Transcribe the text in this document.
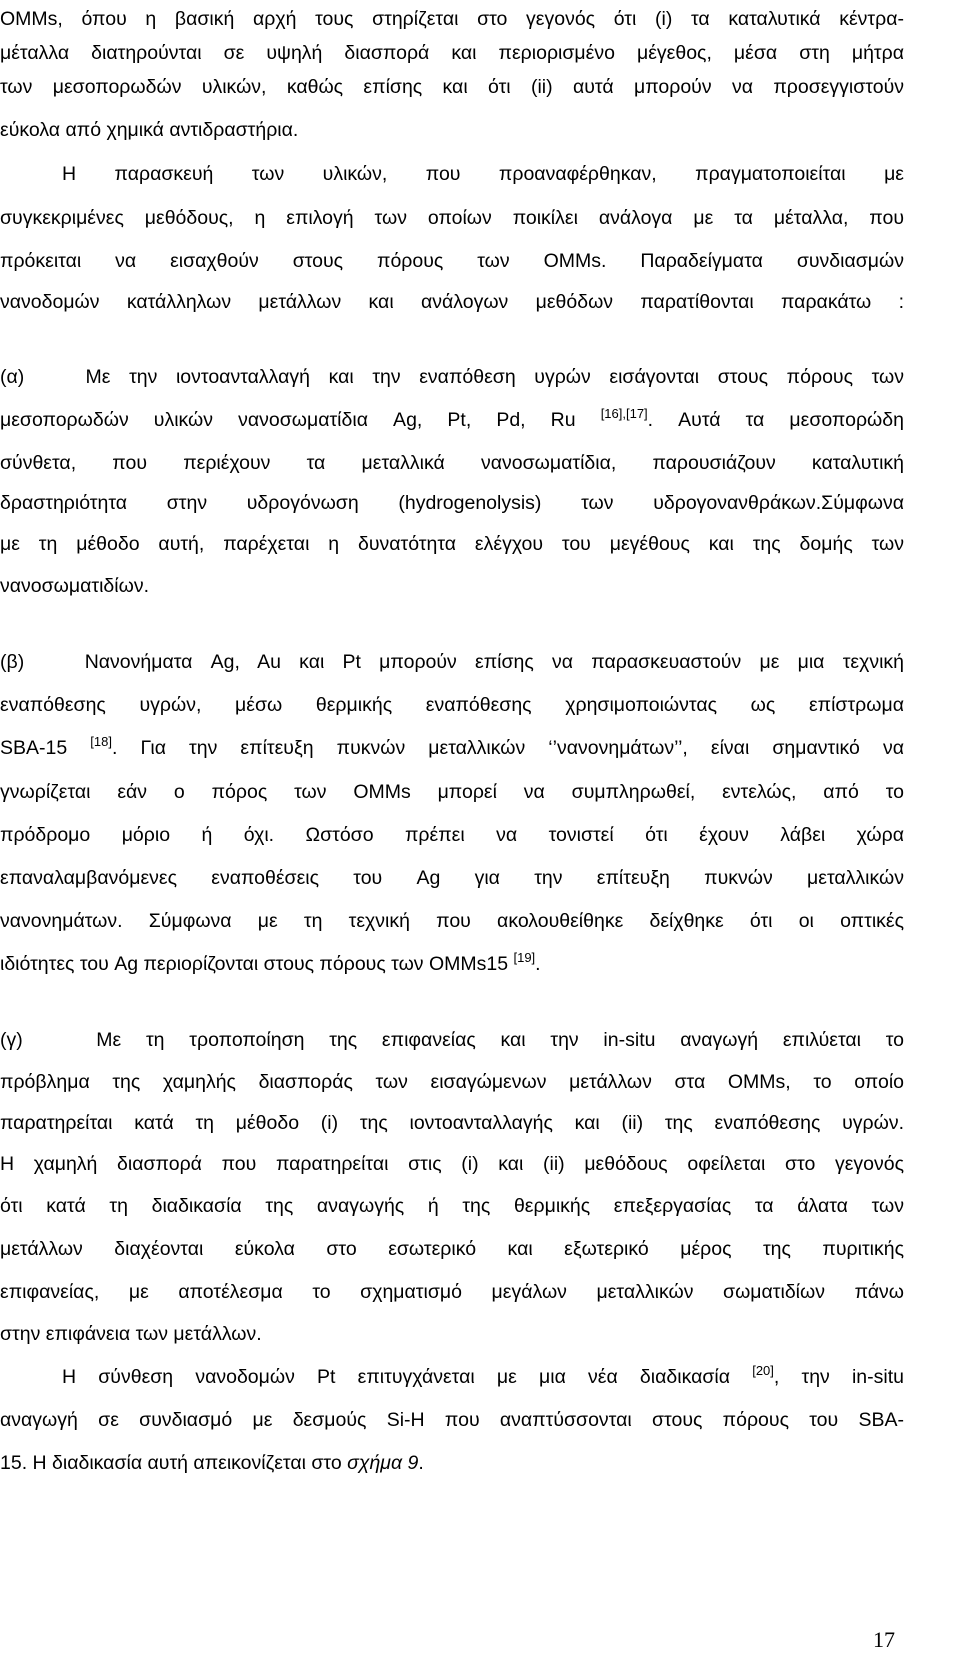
OMMs, όπου η βασική αρχή τους στηρίζεται στο γεγονός ότι (i) τα καταλυτικά κέντρα-
μέταλλα διατηρούνται σε υψηλή διασπορά και περιορισμένο μέγεθος, μέσα στη μήτρα
των μεσοπορωδών υλικών, καθώς επίσης και ότι (ii) αυτά μπορούν να προσεγγιστούν
εύκολα από χημικά αντιδραστήρια.
Η παρασκευή των υλικών, που προαναφέρθηκαν, πραγματοποιείται με
συγκεκριμένες μεθόδους, η επιλογή των οποίων ποικίλει ανάλογα με τα μέταλλα, που
πρόκειται να εισαχθούν στους πόρους των OMMs. Παραδείγματα συνδιασμών
νανοδομών κατάλληλων μετάλλων και ανάλογων μεθόδων παρατίθονται παρακάτω :
(α)	Με την ιοντοανταλλαγή και την εναπόθεση υγρών εισάγονται στους πόρους των
μεσοπορωδών υλικών νανοσωματίδια Ag, Pt, Pd, Ru [16],[17]. Αυτά τα μεσοπορώδη
σύνθετα, που περιέχουν τα μεταλλικά νανοσωματίδια, παρουσιάζουν καταλυτική
δραστηριότητα στην υδρογόνωση (hydrogenolysis) των υδρογονανθράκων.Σύμφωνα
με τη μέθοδο αυτή, παρέχεται η δυνατότητα ελέγχου του μεγέθους και της δομής των
νανοσωματιδίων.
(β)	Νανονήματα Ag, Au και Pt μπορούν επίσης να παρασκευαστούν με μια τεχνική
εναπόθεσης υγρών, μέσω θερμικής εναπόθεσης χρησιμοποιώντας ως επίστρωμα
SBA-15 [18]. Για την επίτευξη πυκνών μεταλλικών ‘’νανονημάτων’’, είναι σημαντικό να
γνωρίζεται εάν ο πόρος των OMMs μπορεί να συμπληρωθεί, εντελώς, από το
πρόδρομο μόριο ή όχι. Ωστόσο πρέπει να τονιστεί ότι έχουν λάβει χώρα
επαναλαμβανόμενες εναποθέσεις του Ag για την επίτευξη πυκνών μεταλλικών
νανονημάτων. Σύμφωνα με τη τεχνική που ακολουθείθηκε δείχθηκε ότι οι οπτικές
ιδιότητες του Ag περιορίζονται στους πόρους των OMMs15 [19].
(γ)	Με τη τροποποίηση της επιφανείας και την in-situ αναγωγή επιλύεται το
πρόβλημα της χαμηλής διασποράς των εισαγώμενων μετάλλων στα OMMs, το οποίο
παρατηρείται κατά τη μέθοδο (i) της ιοντοανταλλαγής και (ii) της εναπόθεσης υγρών.
Η χαμηλή διασπορά που παρατηρείται στις (i) και (ii) μεθόδους οφείλεται στο γεγονός
ότι κατά τη διαδικασία της αναγωγής ή της θερμικής επεξεργασίας τα άλατα των
μετάλλων διαχέονται εύκολα στο εσωτερικό και εξωτερικό μέρος της πυριτικής
επιφανείας, με αποτέλεσμα το σχηματισμό μεγάλων μεταλλικών σωματιδίων πάνω
στην επιφάνεια των μετάλλων.
Η σύνθεση νανοδομών Pt επιτυγχάνεται με μια νέα διαδικασία [20], την in-situ
αναγωγή σε συνδιασμό με δεσμούς Si-H που αναπτύσσονται στους πόρους του SBA-
15. Η διαδικασία αυτή απεικονίζεται στο σχήμα 9.
17
